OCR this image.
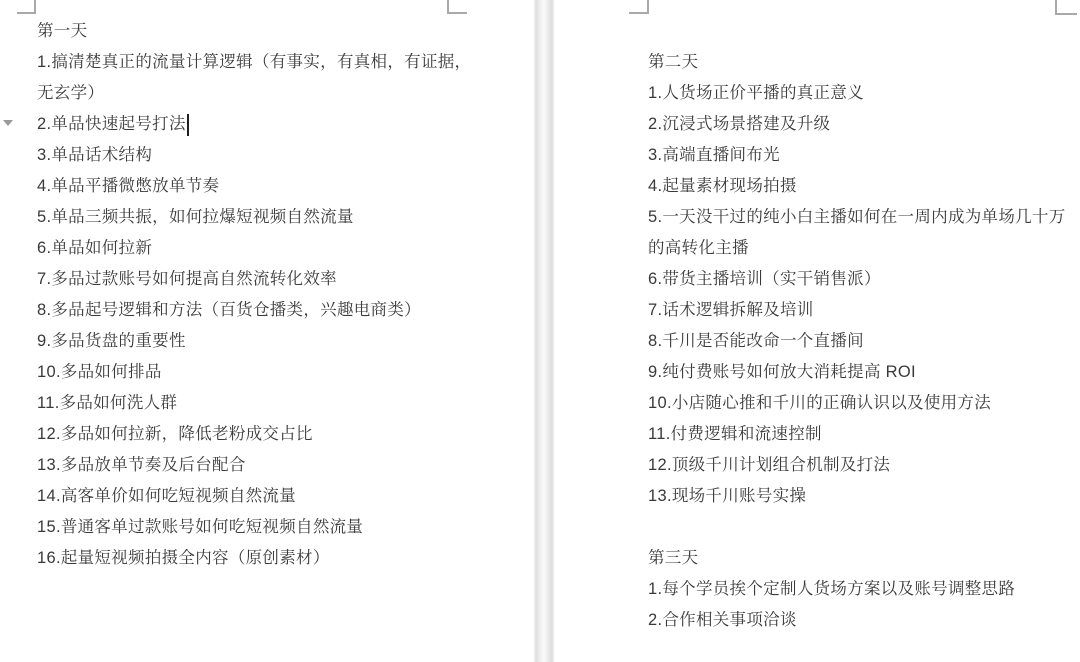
第一天
1.搞清楚真正的流量计算逻辑（有事实，有真相，有证据，
无玄学）
2.单品快速起号打法
3.单品话术结构
4.单品平播微憋放单节奏
5.单品三频共振，如何拉爆短视频自然流量
6.单品如何拉新
7.多品过款账号如何提高自然流转化效率
8.多品起号逻辑和方法（百货仓播类，兴趣电商类）
9.多品货盘的重要性
10.多品如何排品
11.多品如何洗人群
12.多品如何拉新，降低老粉成交占比
13.多品放单节奏及后台配合
14.高客单价如何吃短视频自然流量
15.普通客单过款账号如何吃短视频自然流量
16.起量短视频拍摄全内容（原创素材）
第二天
1.人货场正价平播的真正意义
2.沉浸式场景搭建及升级
3.高端直播间布光
4.起量素材现场拍摄
5.一天没干过的纯小白主播如何在一周内成为单场几十万
的高转化主播
6.带货主播培训（实干销售派）
7.话术逻辑拆解及培训
8.千川是否能改命一个直播间
9.纯付费账号如何放大消耗提高 ROI
10.小店随心推和千川的正确认识以及使用方法
11.付费逻辑和流速控制
12.顶级千川计划组合机制及打法
13.现场千川账号实操
第三天
1.每个学员挨个定制人货场方案以及账号调整思路
2.合作相关事项洽谈
